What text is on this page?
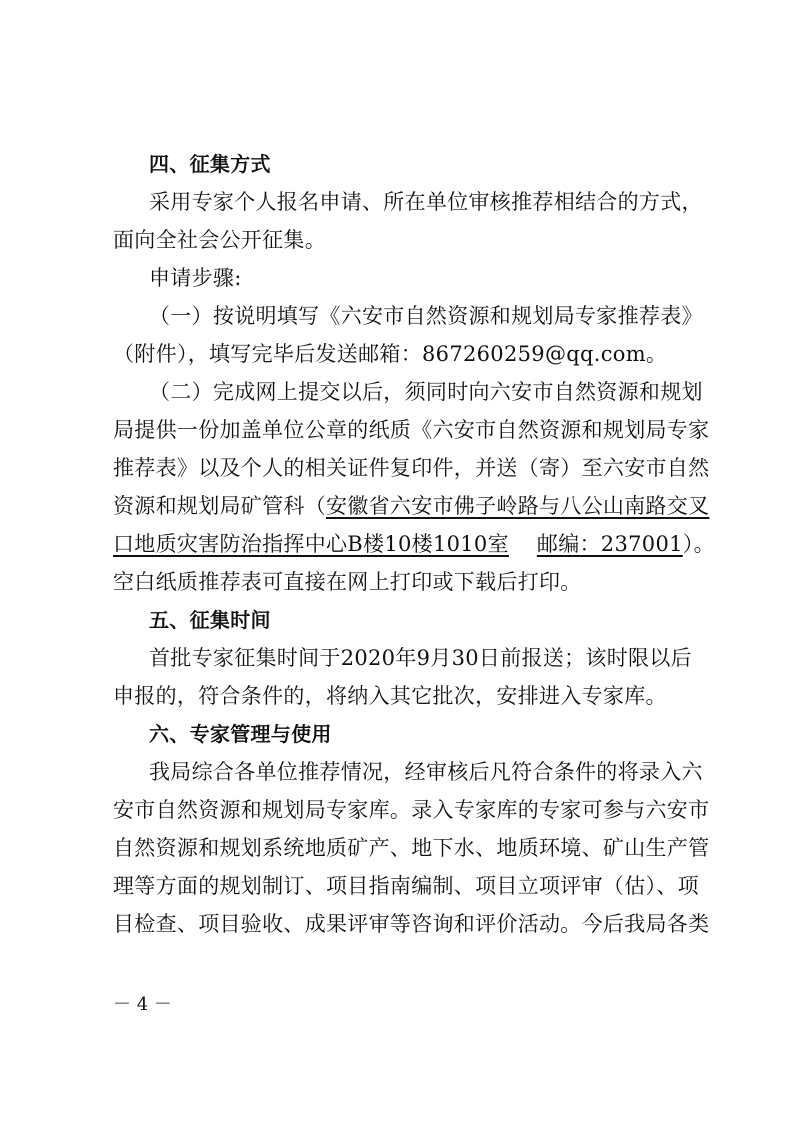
四、征集方式
采用专家个人报名申请、所在单位审核推荐相结合的方式，
面向全社会公开征集。
申请步骤:
（一）按说明填写《六安市自然资源和规划局专家推荐表》
（附件），填写完毕后发送邮箱：867260259@qq.com。
（二）完成网上提交以后，须同时向六安市自然资源和规划
局提供一份加盖单位公章的纸质《六安市自然资源和规划局专家
推荐表》以及个人的相关证件复印件，并送（寄）至六安市自然
资源和规划局矿管科（安徽省六安市佛子岭路与八公山南路交叉
口地质灾害防治指挥中心B楼10楼1010室 邮编：237001）。
空白纸质推荐表可直接在网上打印或下载后打印。
五、征集时间
首批专家征集时间于2020年9月30日前报送；该时限以后
申报的，符合条件的，将纳入其它批次，安排进入专家库。
六、专家管理与使用
我局综合各单位推荐情况，经审核后凡符合条件的将录入六
安市自然资源和规划局专家库。录入专家库的专家可参与六安市
自然资源和规划系统地质矿产、地下水、地质环境、矿山生产管
理等方面的规划制订、项目指南编制、项目立项评审（估）、项
目检查、项目验收、成果评审等咨询和评价活动。今后我局各类
－ 4 －
